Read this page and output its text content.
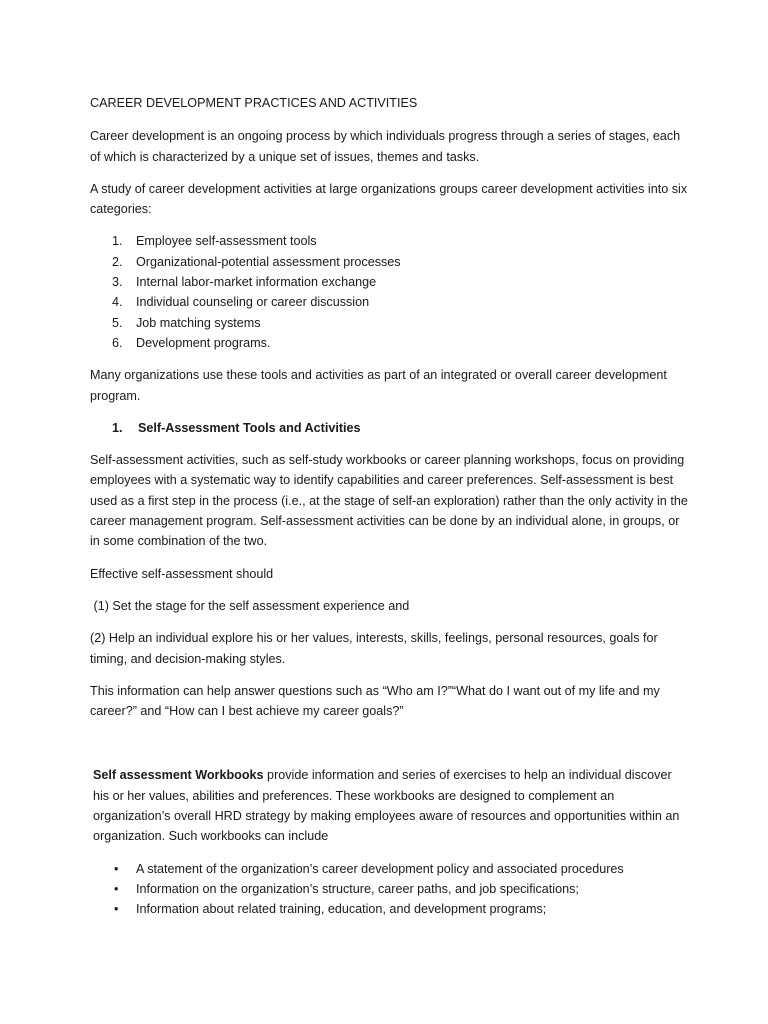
CAREER DEVELOPMENT PRACTICES AND ACTIVITIES

Career development is an ongoing process by which individuals progress through a series of stages, each of which is characterized by a unique set of issues, themes and tasks.

A study of career development activities at large organizations groups career development activities into six categories:

1. Employee self-assessment tools
2. Organizational-potential assessment processes
3. Internal labor-market information exchange
4. Individual counseling or career discussion
5. Job matching systems
6. Development programs.

Many organizations use these tools and activities as part of an integrated or overall career development program.

1. Self-Assessment Tools and Activities

Self-assessment activities, such as self-study workbooks or career planning workshops, focus on providing employees with a systematic way to identify capabilities and career preferences. Self-assessment is best used as a first step in the process (i.e., at the stage of self-an exploration) rather than the only activity in the career management program. Self-assessment activities can be done by an individual alone, in groups, or in some combination of the two.

Effective self-assessment should

(1) Set the stage for the self assessment experience and

(2) Help an individual explore his or her values, interests, skills, feelings, personal resources, goals for timing, and decision-making styles.

This information can help answer questions such as “Who am I?”“What do I want out of my life and my career?” and “How can I best achieve my career goals?”

Self assessment Workbooks provide information and series of exercises to help an individual discover his or her values, abilities and preferences. These workbooks are designed to complement an organization’s overall HRD strategy by making employees aware of resources and opportunities within an organization. Such workbooks can include

• A statement of the organization’s career development policy and associated procedures
• Information on the organization’s structure, career paths, and job specifications;
• Information about related training, education, and development programs;
